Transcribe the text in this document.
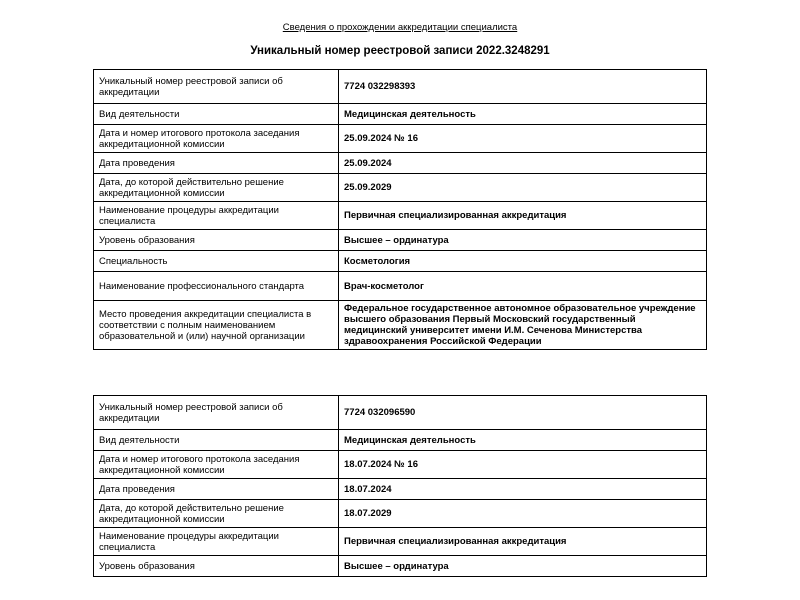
Сведения о прохождении аккредитации специалиста
Уникальный номер реестровой записи 2022.3248291
Уникальный номер реестровой записи об аккредитации	7724 032298393
Вид деятельности	Медицинская деятельность
Дата и номер итогового протокола заседания аккредитационной комиссии	25.09.2024 № 16
Дата проведения	25.09.2024
Дата, до которой действительно решение аккредитационной комиссии	25.09.2029
Наименование процедуры аккредитации специалиста	Первичная специализированная аккредитация
Уровень образования	Высшее – ординатура
Специальность	Косметология
Наименование профессионального стандарта	Врач-косметолог
Место проведения аккредитации специалиста в соответствии с полным наименованием образовательной и (или) научной организации	Федеральное государственное автономное образовательное учреждение высшего образования Первый Московский государственный медицинский университет имени И.М. Сеченова Министерства здравоохранения Российской Федерации
Уникальный номер реестровой записи об аккредитации	7724 032096590
Вид деятельности	Медицинская деятельность
Дата и номер итогового протокола заседания аккредитационной комиссии	18.07.2024 № 16
Дата проведения	18.07.2024
Дата, до которой действительно решение аккредитационной комиссии	18.07.2029
Наименование процедуры аккредитации специалиста	Первичная специализированная аккредитация
Уровень образования	Высшее – ординатура
